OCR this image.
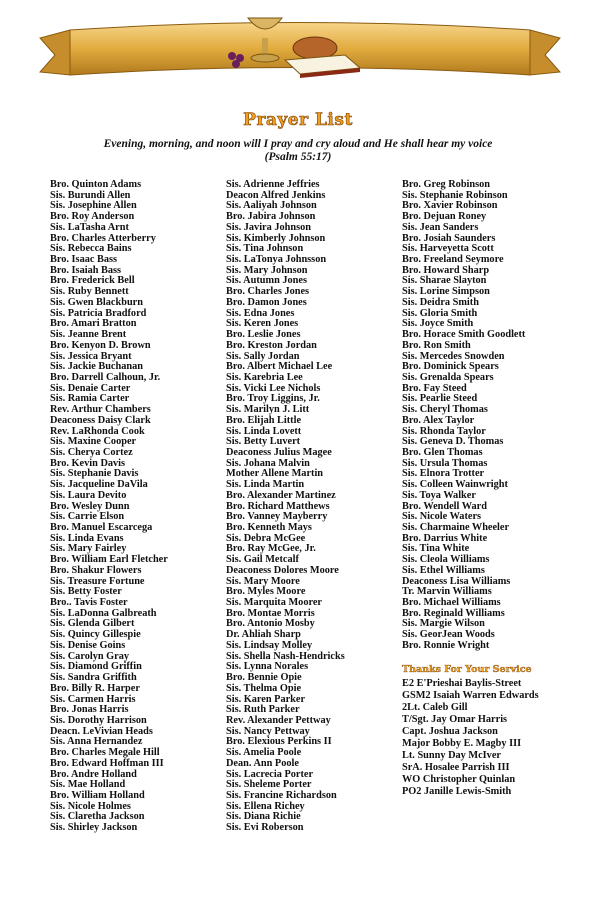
Prayer List
Evening, morning, and noon will I pray and cry aloud and He shall hear my voice
(Psalm 55:17)
Bro. Quinton Adams
Sis. Burundi Allen
Sis. Josephine Allen
Bro. Roy Anderson
Sis. LaTasha Arnt
Bro. Charles Atterberry
Sis. Rebecca Bains
Bro. Isaac Bass
Bro. Isaiah Bass
Bro. Frederick Bell
Sis. Ruby Bennett
Sis. Gwen Blackburn
Sis. Patricia Bradford
Bro. Amari Bratton
Sis. Jeanne Brent
Bro. Kenyon D. Brown
Sis. Jessica Bryant
Sis. Jackie Buchanan
Bro. Darrell Calhoun, Jr.
Sis. Denaie Carter
Sis. Ramia Carter
Rev. Arthur Chambers
Deaconess Daisy Clark
Rev. LaRhonda Cook
Sis. Maxine Cooper
Sis. Cherya Cortez
Bro. Kevin Davis
Sis. Stephanie Davis
Sis. Jacqueline DaVila
Sis. Laura Devito
Bro. Wesley Dunn
Sis. Carrie Elson
Bro. Manuel Escarcega
Sis. Linda Evans
Sis. Mary Fairley
Bro. William Earl Fletcher
Bro. Shakur Flowers
Sis. Treasure Fortune
Sis. Betty Foster
Bro.. Tavis Foster
Sis. LaDonna Galbreath
Sis. Glenda Gilbert
Sis. Quincy Gillespie
Sis. Denise Goins
Sis. Carolyn Gray
Sis. Diamond Griffin
Sis. Sandra Griffith
Bro. Billy R. Harper
Sis. Carmen Harris
Bro. Jonas Harris
Sis. Dorothy Harrison
Deacn. LeVivian Heads
Sis. Anna Hernandez
Bro. Charles Megale Hill
Bro. Edward Hoffman III
Bro. Andre Holland
Sis. Mae Holland
Bro. William Holland
Sis. Nicole Holmes
Sis. Claretha Jackson
Sis. Shirley Jackson
Sis. Adrienne Jeffries
Deacon Alfred Jenkins
Sis. Aaliyah Johnson
Bro. Jabira Johnson
Sis. Javira Johnson
Sis. Kimberly Johnson
Sis. Tina Johnson
Sis. LaTonya Johnsson
Sis. Mary Johnson
Sis. Autumn Jones
Bro. Charles Jones
Bro. Damon Jones
Sis. Edna Jones
Sis. Keren Jones
Bro. Leslie Jones
Bro. Kreston Jordan
Sis. Sally Jordan
Bro. Albert Michael Lee
Sis. Karebria Lee
Sis. Vicki Lee Nichols
Bro. Troy Liggins, Jr.
Sis. Marilyn J. Litt
Bro. Elijah Little
Sis. Linda Lovett
Sis. Betty Luvert
Deaconess Julius Magee
Sis. Johana Malvin
Mother Allene Martin
Sis. Linda Martin
Bro. Alexander Martinez
Bro. Richard Matthews
Bro. Vanney Mayberry
Bro. Kenneth Mays
Sis. Debra McGee
Bro. Ray McGee, Jr.
Sis. Gail Metcalf
Deaconess Dolores Moore
Sis. Mary Moore
Bro. Myles Moore
Sis. Marquita Moorer
Bro. Montae Morris
Bro. Antonio Mosby
Dr. Ahliah Sharp
Sis. Lindsay Molley
Sis. Shella Nash-Hendricks
Sis. Lynna Norales
Bro. Bennie Opie
Sis. Thelma Opie
Sis. Karen Parker
Sis. Ruth Parker
Rev. Alexander Pettway
Sis. Nancy Pettway
Bro. Elexious Perkins II
Sis. Amelia Poole
Dean. Ann Poole
Sis. Lacrecia Porter
Sis. Sheleme Porter
Sis. Francine Richardson
Sis. Ellena Richey
Sis. Diana Richie
Sis. Evi Roberson
Bro. Greg Robinson
Sis. Stephanie Robinson
Bro. Xavier Robinson
Bro. Dejuan Roney
Sis. Jean Sanders
Bro. Josiah Saunders
Sis. Harveyetta Scott
Bro. Freeland Seymore
Bro. Howard Sharp
Sis. Sharae Slayton
Sis. Lorine Simpson
Sis. Deidra Smith
Sis. Gloria Smith
Sis. Joyce Smith
Bro. Horace Smith Goodlett
Bro. Ron Smith
Sis. Mercedes Snowden
Bro. Dominick Spears
Sis. Grenalda Spears
Bro. Fay Steed
Sis. Pearlie Steed
Sis. Cheryl Thomas
Bro. Alex Taylor
Sis. Rhonda Taylor
Sis. Geneva D. Thomas
Bro. Glen Thomas
Sis. Ursula Thomas
Sis. Elnora Trotter
Sis. Colleen Wainwright
Sis. Toya Walker
Bro. Wendell Ward
Sis. Nicole Waters
Sis. Charmaine Wheeler
Bro. Darrius White
Sis. Tina White
Sis. Cleola Williams
Sis. Ethel Williams
Deaconess Lisa Williams
Tr. Marvin Williams
Bro. Michael Williams
Bro. Reginald Williams
Sis. Margie Wilson
Sis. GeorJean Woods
Bro. Ronnie Wright
Thanks For Your Service
E2 E'Prieshai Baylis-Street
GSM2 Isaiah Warren Edwards
2Lt. Caleb Gill
T/Sgt. Jay Omar Harris
Capt. Joshua Jackson
Major Bobby E. Magby III
Lt. Sunny Day McIver
SrA. Hosalee Parrish III
WO Christopher Quinlan
PO2 Janille Lewis-Smith
